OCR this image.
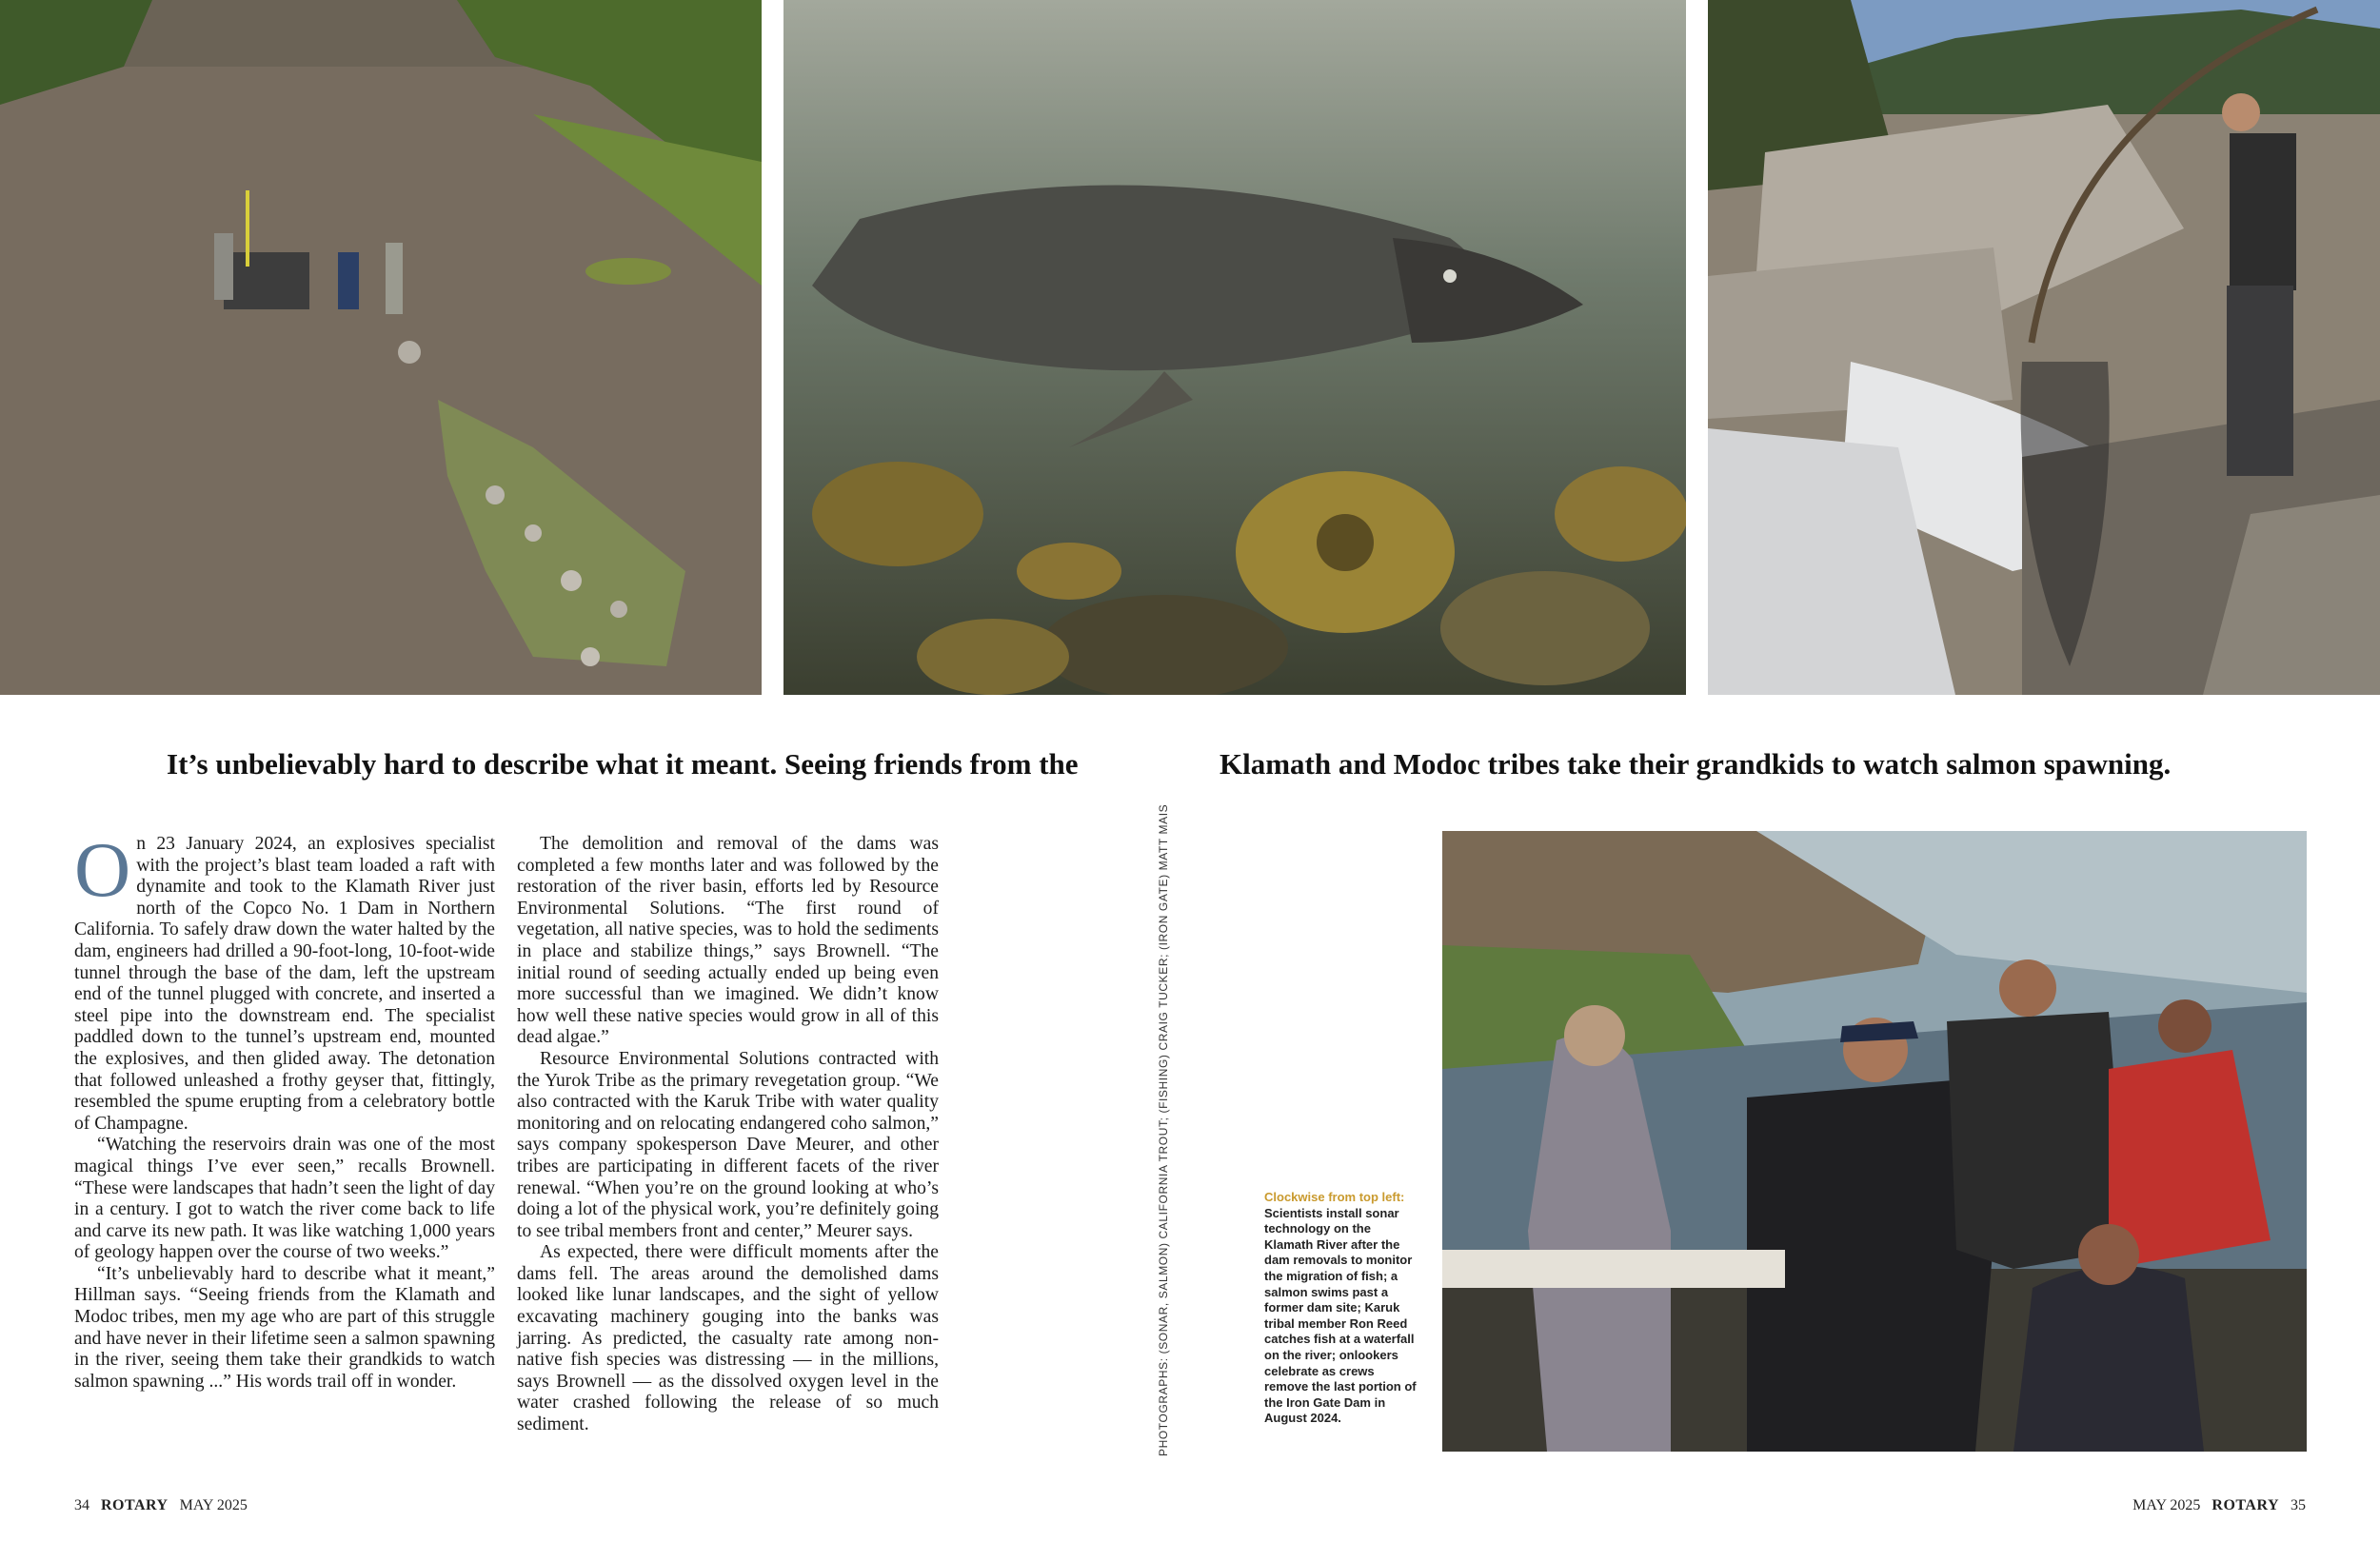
It’s unbelievably hard to describe what it meant. Seeing friends from the	Klamath and Modoc tribes take their grandkids to watch salmon spawning.

On 23 January 2024, an explosives specialist with the project’s blast team loaded a raft with dynamite and took to the Klamath River just north of the Copco No. 1 Dam in Northern California. To safely draw down the water halted by the dam, engineers had drilled a 90-foot-long, 10-foot-wide tunnel through the base of the dam, left the upstream end of the tunnel plugged with concrete, and inserted a steel pipe into the downstream end. The specialist paddled down to the tunnel’s upstream end, mounted the explosives, and then glided away. The detonation that followed unleashed a frothy geyser that, fittingly, resembled the spume erupting from a celebratory bottle of Champagne.

“Watching the reservoirs drain was one of the most magical things I’ve ever seen,” recalls Brownell. “These were landscapes that hadn’t seen the light of day in a century. I got to watch the river come back to life and carve its new path. It was like watching 1,000 years of geology happen over the course of two weeks.”

“It’s unbelievably hard to describe what it meant,” Hillman says. “Seeing friends from the Klamath and Modoc tribes, men my age who are part of this struggle and have never in their lifetime seen a salmon spawning in the river, seeing them take their grandkids to watch salmon spawning ...” His words trail off in wonder.

The demolition and removal of the dams was completed a few months later and was followed by the restoration of the river basin, efforts led by Resource Environmental Solutions. “The first round of vegetation, all native species, was to hold the sediments in place and stabilize things,” says Brownell. “The initial round of seeding actually ended up being even more successful than we imagined. We didn’t know how well these native species would grow in all of this dead algae.”

Resource Environmental Solutions contracted with the Yurok Tribe as the primary revegetation group. “We also contracted with the Karuk Tribe with water quality monitoring and on relocating endangered coho salmon,” says company spokesperson Dave Meurer, and other tribes are participating in different facets of the river renewal. “When you’re on the ground looking at who’s doing a lot of the physical work, you’re definitely going to see tribal members front and center,” Meurer says.

As expected, there were difficult moments after the dams fell. The areas around the demolished dams looked like lunar landscapes, and the sight of yellow excavating machinery gouging into the banks was jarring. As predicted, the casualty rate among non-native fish species was distressing — in the millions, says Brownell — as the dissolved oxygen level in the water crashed following the release of so much sediment.	PHOTOGRAPHS: (SONAR, SALMON) CALIFORNIA TROUT; (FISHING) CRAIG TUCKER; (IRON GATE) MATT MAIS	Clockwise from top left: Scientists install sonar technology on the Klamath River after the dam removals to monitor the migration of fish; a salmon swims past a former dam site; Karuk tribal member Ron Reed catches fish at a waterfall on the river; onlookers celebrate as crews remove the last portion of the Iron Gate Dam in August 2024.
34 ROTARY MAY 2025	MAY 2025 ROTARY 35
